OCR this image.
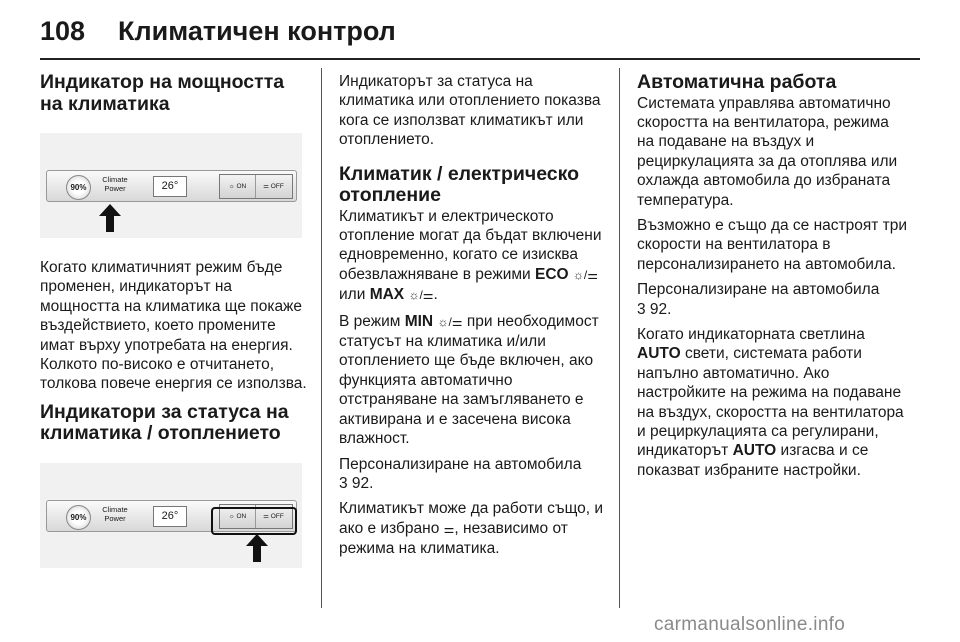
108 Климатичен контрол
Индикатор на мощността на климатика
90%
Climate
Power	26°	☼ ON	⚌ OFF

Когато климатичният режим бъде променен, индикаторът на мощността на климатика ще покаже въздействието, което промените имат върху употребата на енергия. Колкото по-високо е отчитането, толкова повече енергия се използва.

Индикатори за статуса на климатика / отоплението
90%
Climate
Power	26°	☼ ON	⚌ OFF

Индикаторът за статуса на климатика или отоплението показва кога се използват климатикът или отоплението.

Климатик / електрическо отопление

Климатикът и електрическото отопление могат да бъдат включени едновременно, когато се изисква обезвлажняване в режими ECO ☼/⚌ или MAX ☼/⚌.

В режим MIN ☼/⚌ при необходимост статусът на климатика и/или отоплението ще бъде включен, ако функцията автоматично отстраняване на замъгляването е активирана и е засечена висока влажност.

Персонализиране на автомобила
3 92.

Климатикът може да работи също, и ако е избрано ⚌, независимо от режима на климатика.

Автоматична работа

Системата управлява автоматично скоростта на вентилатора, режима на подаване на въздух и рециркулацията за да отоплява или охлажда автомобила до избраната температура.

Възможно е също да се настроят три скорости на вентилатора в персонализирането на автомобила.

Персонализиране на автомобила
3 92.

Когато индикаторната светлина AUTO свети, системата работи напълно автоматично. Ако настройките на режима на подаване на въздух, скоростта на вентилатора и рециркулацията са регулирани, индикаторът AUTO изгасва и се показват избраните настройки.

carmanualsonline.info
